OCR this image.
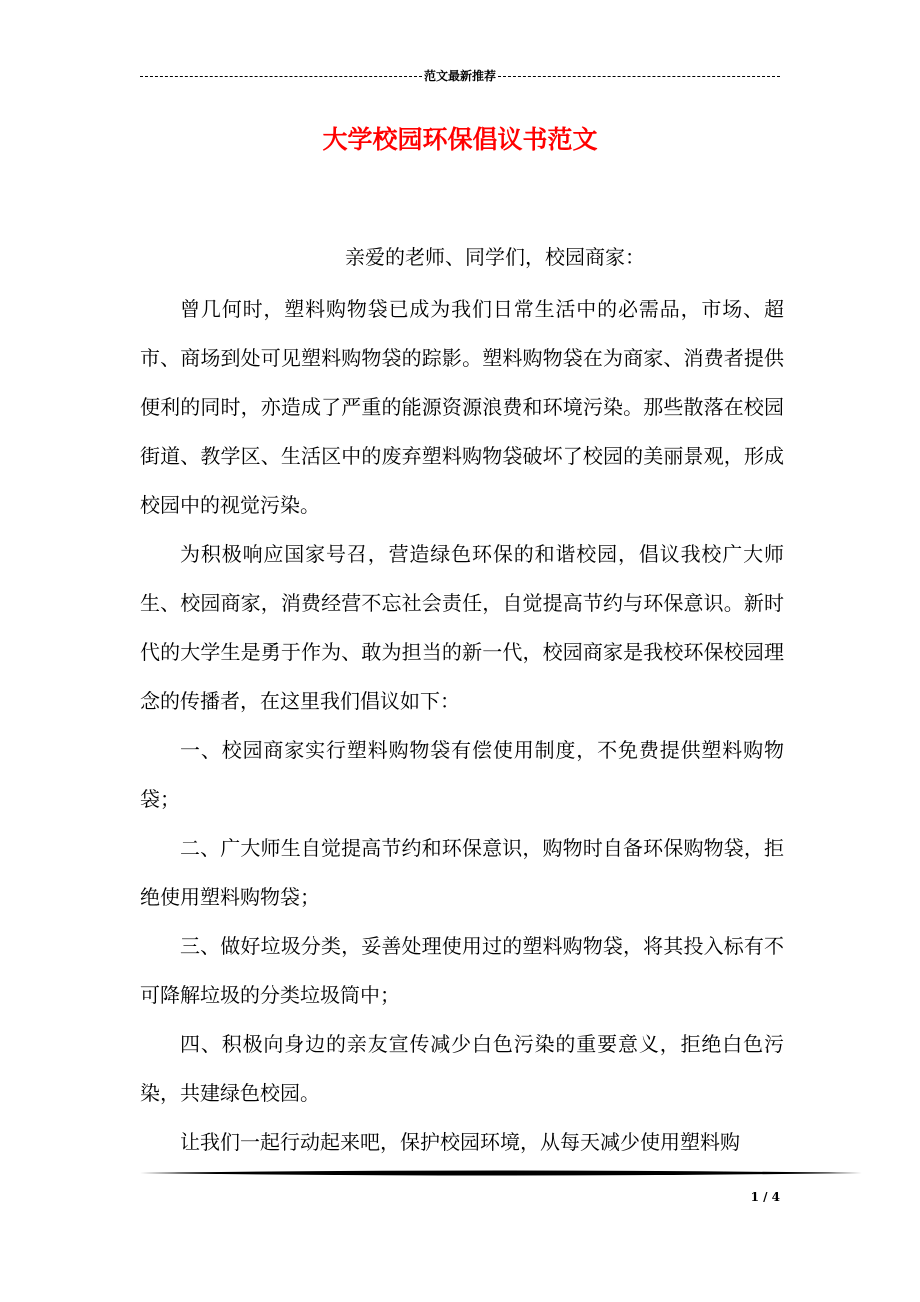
范文最新推荐
大学校园环保倡议书范文
亲爱的老师、同学们，校园商家：

曾几何时，塑料购物袋已成为我们日常生活中的必需品，市场、超市、商场到处可见塑料购物袋的踪影。塑料购物袋在为商家、消费者提供便利的同时，亦造成了严重的能源资源浪费和环境污染。那些散落在校园街道、教学区、生活区中的废弃塑料购物袋破坏了校园的美丽景观，形成校园中的视觉污染。

为积极响应国家号召，营造绿色环保的和谐校园，倡议我校广大师生、校园商家，消费经营不忘社会责任，自觉提高节约与环保意识。新时代的大学生是勇于作为、敢为担当的新一代，校园商家是我校环保校园理念的传播者，在这里我们倡议如下：

一、校园商家实行塑料购物袋有偿使用制度，不免费提供塑料购物袋；

二、广大师生自觉提高节约和环保意识，购物时自备环保购物袋，拒绝使用塑料购物袋；

三、做好垃圾分类，妥善处理使用过的塑料购物袋，将其投入标有不可降解垃圾的分类垃圾筒中；

四、积极向身边的亲友宣传减少白色污染的重要意义，拒绝白色污染，共建绿色校园。

让我们一起行动起来吧，保护校园环境，从每天减少使用塑料购

1 / 4
